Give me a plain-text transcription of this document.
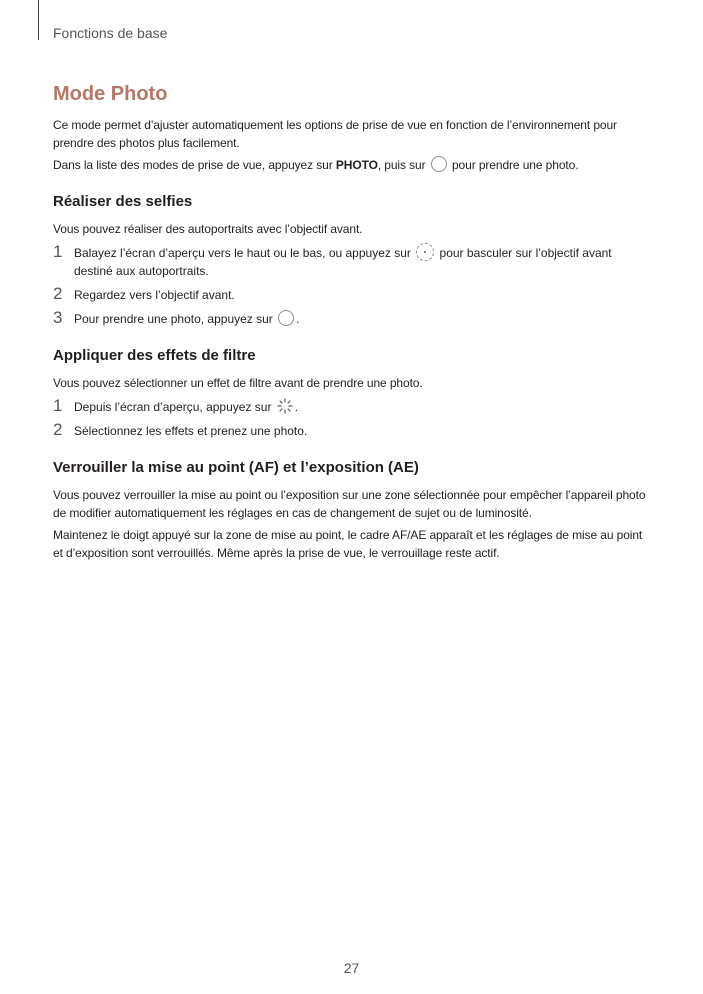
Fonctions de base
Mode Photo

Ce mode permet d’ajuster automatiquement les options de prise de vue en fonction de l’environnement pour prendre des photos plus facilement.

Dans la liste des modes de prise de vue, appuyez sur PHOTO, puis sur  pour prendre une photo.

Réaliser des selfies

Vous pouvez réaliser des autoportraits avec l’objectif avant.

1 Balayez l’écran d’aperçu vers le haut ou le bas, ou appuyez sur  pour basculer sur l’objectif avant destiné aux autoportraits.
2 Regardez vers l’objectif avant.
3 Pour prendre une photo, appuyez sur .
Appliquer des effets de filtre

Vous pouvez sélectionner un effet de filtre avant de prendre une photo.

1 Depuis l’écran d’aperçu, appuyez sur .
2 Sélectionnez les effets et prenez une photo.
Verrouiller la mise au point (AF) et l’exposition (AE)

Vous pouvez verrouiller la mise au point ou l’exposition sur une zone sélectionnée pour empêcher l’appareil photo de modifier automatiquement les réglages en cas de changement de sujet ou de luminosité.

Maintenez le doigt appuyé sur la zone de mise au point, le cadre AF/AE apparaît et les réglages de mise au point et d’exposition sont verrouillés. Même après la prise de vue, le verrouillage reste actif.

27
